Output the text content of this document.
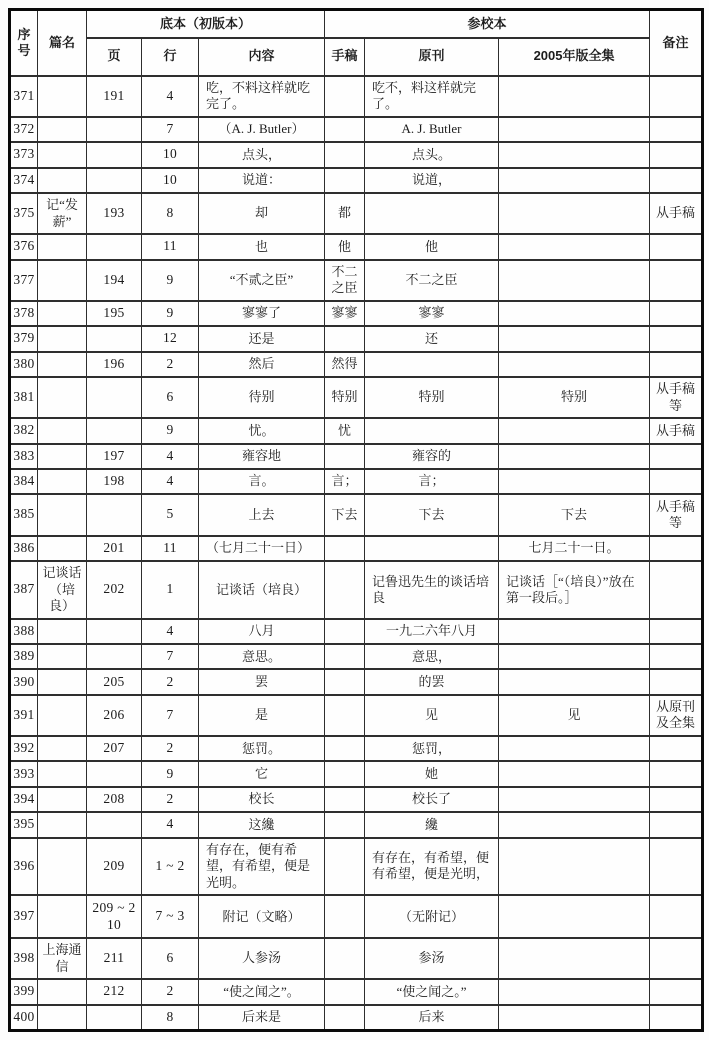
序号	篇名	底本（初版本）			参校本			备注
		页	行	内容	手稿	原刊	2005年版全集	
371		191	4	吃，不料这样就吃完了。		吃不，料这样就完了。		
372			7	（A. J. Butler）		A. J. Butler		
373			10	点头，		点头。		
374			10	说道：		说道，		
375	记“发薪”	193	8	却	都			从手稿
376			11	也	他	他		
377		194	9	“不贰之臣”	不二之臣	不二之臣		
378		195	9	寥寥了	寥寥	寥寥		
379			12	还是		还		
380		196	2	然后	然得			
381			6	待别	特别	特别	特别	从手稿等
382			9	忧。	忧			从手稿
383		197	4	雍容地		雍容的		
384		198	4	言。	言；	言；		
385			5	上去	下去	下去	下去	从手稿等
386		201	11	（七月二十一日）			七月二十一日。	
387	记谈话（培良）	202	1	记谈话（培良）		记鲁迅先生的谈话培良	记谈话［“（培良）”放在第一段后。］	
388			4	八月		一九二六年八月		
389			7	意思。		意思，		
390		205	2	罢		的罢		
391		206	7	是		见	见	从原刊及全集
392		207	2	惩罚。		惩罚，		
393			9	它		她		
394		208	2	校长		校长了		
395			4	这纔		纔		
396		209	1 ~ 2	有存在，便有希望，有希望，便是光明。		有存在，有希望，便有希望，便是光明，		
397		209 ~ 210	7 ~ 3	附记（文略）		（无附记）		
398	上海通信	211	6	人参汤		参汤		
399		212	2	“使之闻之”。		“使之闻之。”		
400			8	后来是		后来		
